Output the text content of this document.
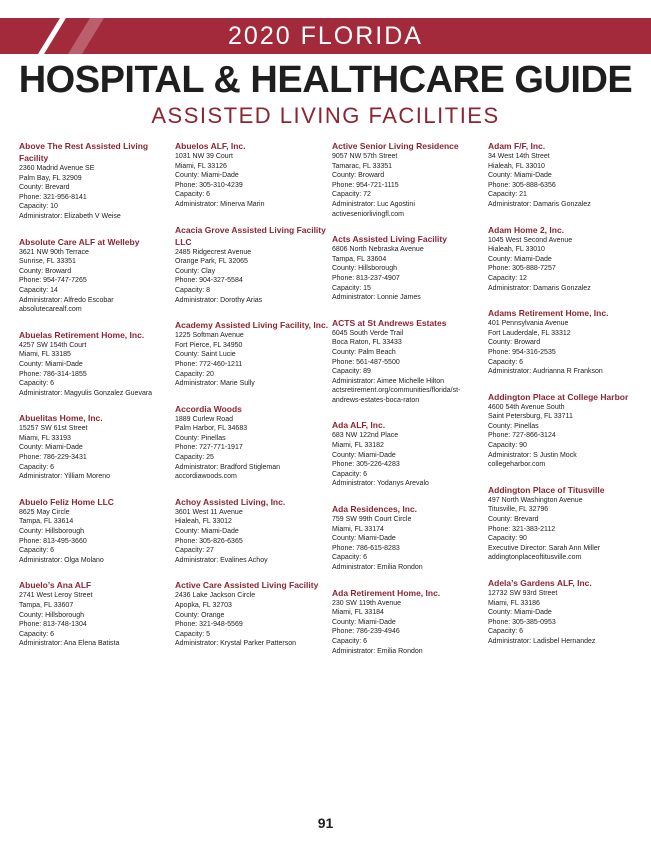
2020 FLORIDA
HOSPITAL & HEALTHCARE GUIDE
ASSISTED LIVING FACILITIES
Above The Rest Assisted Living Facility
2360 Madrid Avenue SE
Palm Bay, FL 32909
County: Brevard
Phone: 321-956-8141
Capacity: 10
Administrator: Elizabeth V Weise
Absolute Care ALF at Welleby
3621 NW 90th Terrace
Sunrise, FL 33351
County: Broward
Phone: 954-747-7265
Capacity: 14
Administrator: Alfredo Escobar
absolutecarealf.com
Abuelas Retirement Home, Inc.
4257 SW 154th Court
Miami, FL 33185
County: Miami-Dade
Phone: 786-314-1855
Capacity: 6
Administrator: Magyulis Gonzalez Guevara
Abuelitas Home, Inc.
15257 SW 61st Street
Miami, FL 33193
County: Miami-Dade
Phone: 786-229-3431
Capacity: 6
Administrator: Yilliam Moreno
Abuelo Feliz Home LLC
8625 May Circle
Tampa, FL 33614
County: Hillsborough
Phone: 813-495-3660
Capacity: 6
Administrator: Olga Molano
Abuelo’s Ana ALF
2741 West Leroy Street
Tampa, FL 33607
County: Hillsborough
Phone: 813-748-1304
Capacity: 6
Administrator: Ana Elena Batista
Abuelos ALF, Inc.
1031 NW 39 Court
Miami, FL 33126
County: Miami-Dade
Phone: 305-310-4239
Capacity: 6
Administrator: Minerva Marin
Acacia Grove Assisted Living Facility LLC
2485 Ridgecrest Avenue
Orange Park, FL 32065
County: Clay
Phone: 904-327-5584
Capacity: 8
Administrator: Dorothy Arias
Academy Assisted Living Facility, Inc.
1225 Softman Avenue
Fort Pierce, FL 34950
County: Saint Lucie
Phone: 772-460-1211
Capacity: 20
Administrator: Marie Sully
Accordia Woods
1889 Curlew Road
Palm Harbor, FL 34683
County: Pinellas
Phone: 727-771-1917
Capacity: 25
Administrator: Bradford Stigleman
accordiawoods.com
Achoy Assisted Living, Inc.
3601 West 11 Avenue
Hialeah, FL 33012
County: Miami-Dade
Phone: 305-826-6365
Capacity: 27
Administrator: Evalines Achoy
Active Care Assisted Living Facility
2436 Lake Jackson Circle
Apopka, FL 32703
County: Orange
Phone: 321-948-5569
Capacity: 5
Administrator: Krystal Parker Patterson
Active Senior Living Residence
9057 NW 57th Street
Tamarac, FL 33351
County: Broward
Phone: 954-721-1115
Capacity: 72
Administrator: Luc Agostini
activeseniorlivingfl.com
Acts Assisted Living Facility
6806 North Nebraska Avenue
Tampa, FL 33604
County: Hillsborough
Phone: 813-237-4907
Capacity: 15
Administrator: Lonnie James
ACTS at St Andrews Estates
6045 South Verde Trail
Boca Raton, FL 33433
County: Palm Beach
Phone: 561-487-5500
Capacity: 89
Administrator: Aimee Michelle Hilton
actsretirement.org/communities/florida/st-andrews-estates-boca-raton
Ada ALF, Inc.
683 NW 122nd Place
Miami, FL 33182
County: Miami-Dade
Phone: 305-226-4283
Capacity: 6
Administrator: Yodanys Arevalo
Ada Residences, Inc.
759 SW 99th Court Circle
Miami, FL 33174
County: Miami-Dade
Phone: 786-615-8283
Capacity: 6
Administrator: Emilia Rondon
Ada Retirement Home, Inc.
230 SW 119th Avenue
Miami, FL 33184
County: Miami-Dade
Phone: 786-239-4946
Capacity: 6
Administrator: Emilia Rondon
Adam F/F, Inc.
34 West 14th Street
Hialeah, FL 33010
County: Miami-Dade
Phone: 305-888-6356
Capacity: 21
Administrator: Damaris Gonzalez
Adam Home 2, Inc.
1045 West Second Avenue
Hialeah, FL 33010
County: Miami-Dade
Phone: 305-888-7257
Capacity: 12
Administrator: Damaris Gonzalez
Adams Retirement Home, Inc.
401 Pennsylvania Avenue
Fort Lauderdale, FL 33312
County: Broward
Phone: 954-316-2535
Capacity: 6
Administrator: Audrianna R Frankson
Addington Place at College Harbor
4600 54th Avenue South
Saint Petersburg, FL 33711
County: Pinellas
Phone: 727-866-3124
Capacity: 90
Administrator: S Justin Mock
collegeharbor.com
Addington Place of Titusville
497 North Washington Avenue
Titusville, FL 32796
County: Brevard
Phone: 321-383-2112
Capacity: 90
Executive Director: Sarah Ann Miller
addingtonplaceoftitusville.com
Adela’s Gardens ALF, Inc.
12732 SW 93rd Street
Miami, FL 33186
County: Miami-Dade
Phone: 305-385-0953
Capacity: 6
Administrator: Ladisbel Hernandez
91
